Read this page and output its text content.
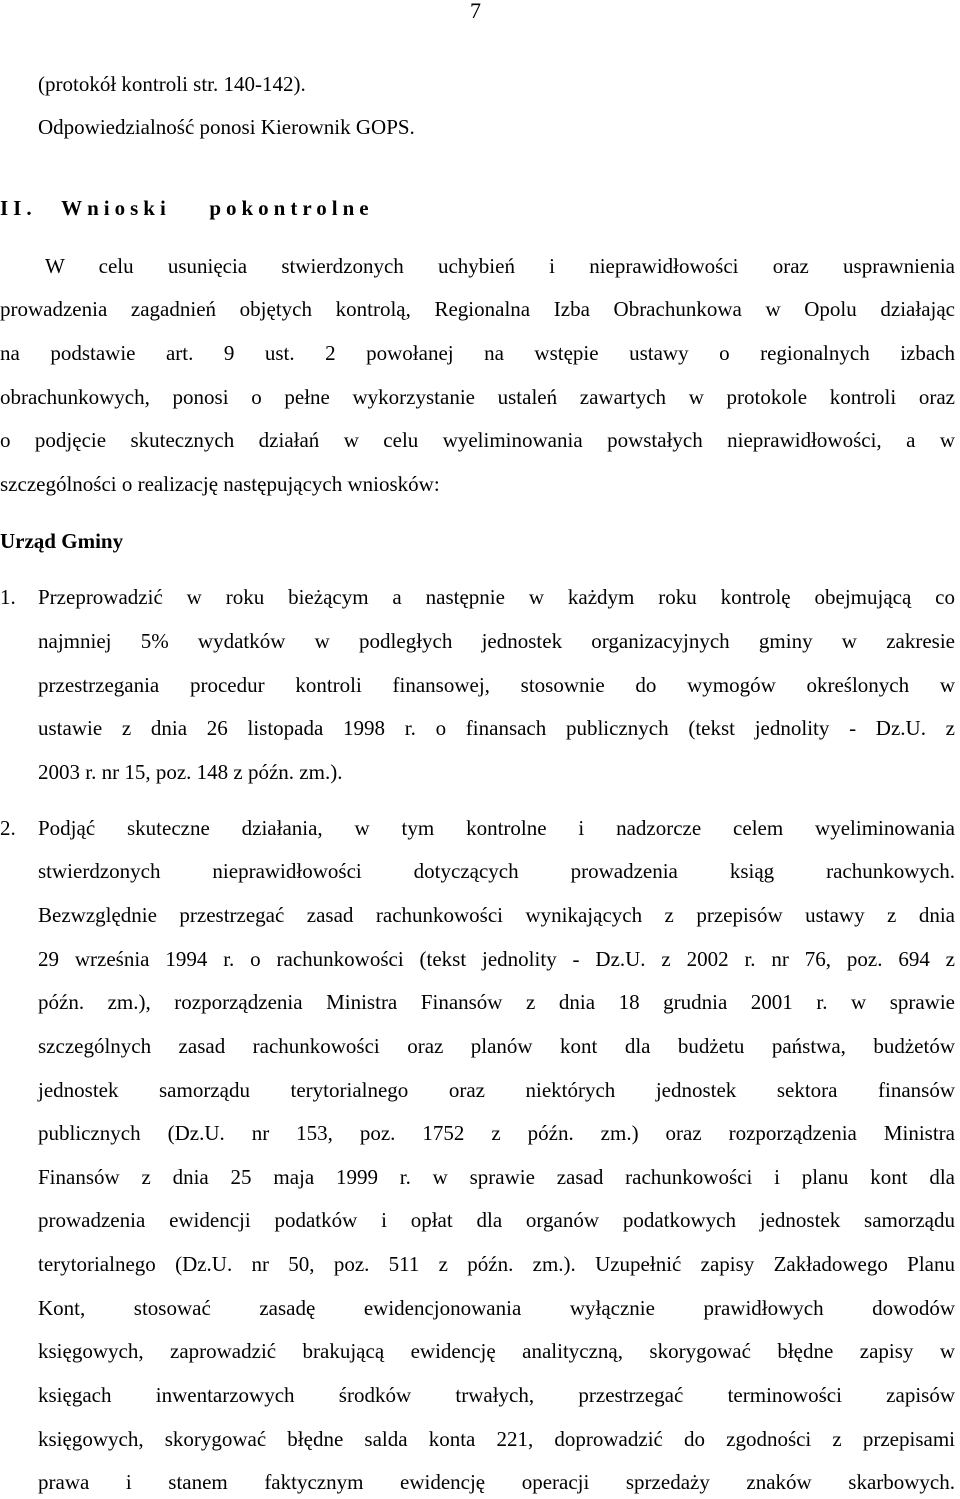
7
(protokół kontroli str. 140-142).
Odpowiedzialność ponosi Kierownik GOPS.
II. Wnioski pokontrolne
W celu usunięcia stwierdzonych uchybień i nieprawidłowości oraz usprawnienia
prowadzenia zagadnień objętych kontrolą, Regionalna Izba Obrachunkowa w Opolu działając
na podstawie art. 9 ust. 2 powołanej na wstępie ustawy o regionalnych izbach
obrachunkowych, ponosi o pełne wykorzystanie ustaleń zawartych w protokole kontroli oraz
o podjęcie skutecznych działań w celu wyeliminowania powstałych nieprawidłowości, a w
szczególności o realizację następujących wniosków:
Urząd Gminy
1. Przeprowadzić w roku bieżącym a następnie w każdym roku kontrolę obejmującą co
najmniej 5% wydatków w podległych jednostek organizacyjnych gminy w zakresie
przestrzegania procedur kontroli finansowej, stosownie do wymogów określonych w
ustawie z dnia 26 listopada 1998 r. o finansach publicznych (tekst jednolity - Dz.U. z
2003 r. nr 15, poz. 148 z późn. zm.).
2. Podjąć skuteczne działania, w tym kontrolne i nadzorcze celem wyeliminowania
stwierdzonych nieprawidłowości dotyczących prowadzenia ksiąg rachunkowych.
Bezwzględnie przestrzegać zasad rachunkowości wynikających z przepisów ustawy z dnia
29 września 1994 r. o rachunkowości (tekst jednolity - Dz.U. z 2002 r. nr 76, poz. 694 z
późn. zm.), rozporządzenia Ministra Finansów z dnia 18 grudnia 2001 r. w sprawie
szczególnych zasad rachunkowości oraz planów kont dla budżetu państwa, budżetów
jednostek samorządu terytorialnego oraz niektórych jednostek sektora finansów
publicznych (Dz.U. nr 153, poz. 1752 z późn. zm.) oraz rozporządzenia Ministra
Finansów z dnia 25 maja 1999 r. w sprawie zasad rachunkowości i planu kont dla
prowadzenia ewidencji podatków i opłat dla organów podatkowych jednostek samorządu
terytorialnego (Dz.U. nr 50, poz. 511 z późn. zm.). Uzupełnić zapisy Zakładowego Planu
Kont, stosować zasadę ewidencjonowania wyłącznie prawidłowych dowodów
księgowych, zaprowadzić brakującą ewidencję analityczną, skorygować błędne zapisy w
księgach inwentarzowych środków trwałych, przestrzegać terminowości zapisów
księgowych, skorygować błędne salda konta 221, doprowadzić do zgodności z przepisami
prawa i stanem faktycznym ewidencję operacji sprzedaży znaków skarbowych.
